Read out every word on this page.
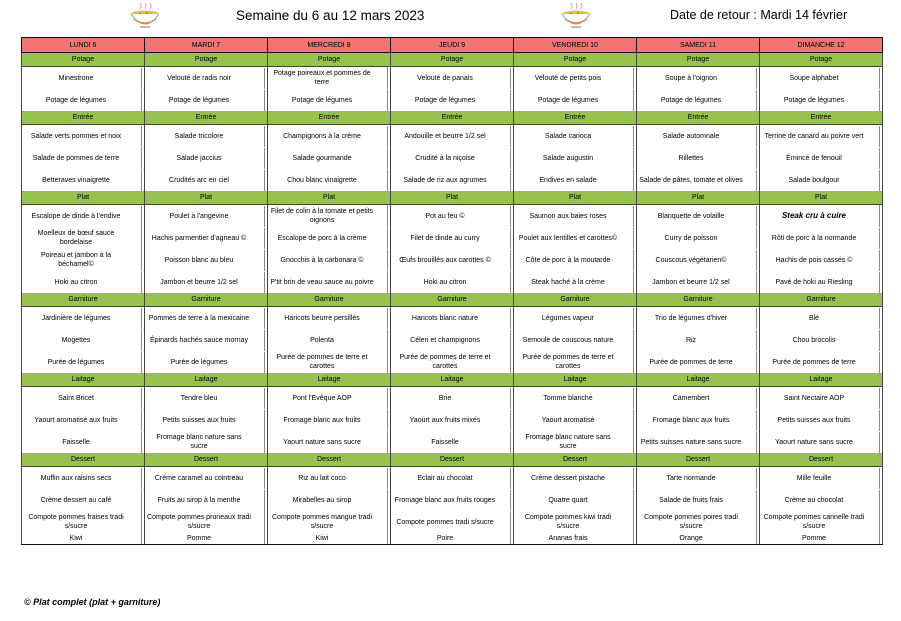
Semaine du 6 au 12 mars 2023	Date de retour : Mardi 14 février
LUNDI 6	MARDI 7	MERCREDI 8	JEUDI 9	VENDREDI 10	SAMEDI 11	DIMANCHE 12
Potage	Potage	Potage	Potage	Potage	Potage	Potage

Minestrone	Velouté de radis noir	Potage poireaux et pommes de terre	Velouté de panais	Velouté de petits pois	Soupe à l'oignon	Soupe alphabet

Potage de légumes	Potage de légumes	Potage de légumes	Potage de légumes	Potage de légumes	Potage de légumes	Potage de légumes

Entrée	Entrée	Entrée	Entrée	Entrée	Entrée	Entrée

Salade verts pommes et noix	Salade tricolore	Champignons à la crème	Andouille et beurre 1/2 sel	Salade carioca	Salade automnale	Terrine de canard au poivre vert

Salade de pommes de terre	Salade jaccius	Salade gourmande	Crudité à la niçoise	Salade augustin	Rillettes	Émincé de fenouil

Betteraves vinaigrette	Crudités arc en ciel	Chou blanc vinaigrette	Salade de riz aux agrumes	Endives en salade	Salade de pâtes, tomate et olives	Salade boulgour

Plat	Plat	Plat	Plat	Plat	Plat	Plat

Escalope de dinde à l'endive	Poulet à l'angevine	Filet de colin à la tomate et petits oignons	Pot au feu ©	Saumon aux baies roses	Blanquette de volaille	Steak cru à cuire

Moelleux de bœuf sauce bordelaise	Hachis parmentier d'agneau ©	Escalope de porc à la crème	Filet de dinde au curry	Poulet aux lentilles et carottes©	Curry de poisson	Rôti de porc à la normande

Poireau et jambon à la béchamel©	Poisson blanc au bleu	Gnocchis à la carbonara ©	Œufs brouillés aux carottes ©	Côte de porc à la moutarde	Couscous végétarien©	Hachis de pois cassés ©

Hoki au citron	Jambon et beurre 1/2 sel	P'tit brin de veau sauce au poivre	Hoki au citron	Steak haché à la crème	Jambon et beurre 1/2 sel	Pavé de hoki au Riesling

Garniture	Garniture	Garniture	Garniture	Garniture	Garniture	Garniture

Jardinière de légumes	Pommes de terre à la mexicaine	Haricots beurre persillés	Haricots blanc nature	Légumes vapeur	Trio de légumes d'hiver	Blé

Mogettes	Épinards hachés sauce mornay	Polenta	Céleri et champignons	Semoule de couscous nature	Riz	Chou brocolis

Purée de légumes	Purée de légumes	Purée de pommes de terre et carottes	Purée de pommes de terre et carottes	Purée de pommes de terre et carottes	Purée de pommes de terre	Purée de pommes de terre

Laitage	Laitage	Laitage	Laitage	Laitage	Laitage	Laitage

Saint Bricet	Tendre bleu	Pont l'Evêque AOP	Brie	Tomme blanche	Camembert	Saint Nectaire AOP

Yaourt aromatisé aux fruits	Petits suisses aux fruits	Fromage blanc aux fruits	Yaourt aux fruits mixés	Yaourt aromatisé	Fromage blanc aux fruits	Petits suisses aux fruits

Faisselle	Fromage blanc nature sans sucre	Yaourt nature sans sucre	Faisselle	Fromage blanc nature sans sucre	Petits suisses nature sans sucre	Yaourt nature sans sucre

Dessert	Dessert	Dessert	Dessert	Dessert	Dessert	Dessert

Muffin aux raisins secs	Crème caramel au cointreau	Riz au lait coco	Eclair au chocolat	Crème dessert pistache	Tarte normande	Mille feuille

Crème dessert au café	Fruits au sirop à la menthe	Mirabelles au sirop	Fromage blanc aux fruits rouges	Quatre quart	Salade de fruits frais	Crème au chocolat

Compote pommes fraises tradi s/sucre	Compote pommes pruneaux tradi s/sucre	Compote pommes mangue tradi s/sucre	Compote pommes tradi s/sucre	Compote pommes kiwi tradi s/sucre	Compote pommes poires tradi s/sucre	Compote pommes cannelle tradi s/sucre

Kiwi	Pomme	Kiwi	Poire	Ananas frais	Orange	Pomme
© Plat complet (plat + garniture)
